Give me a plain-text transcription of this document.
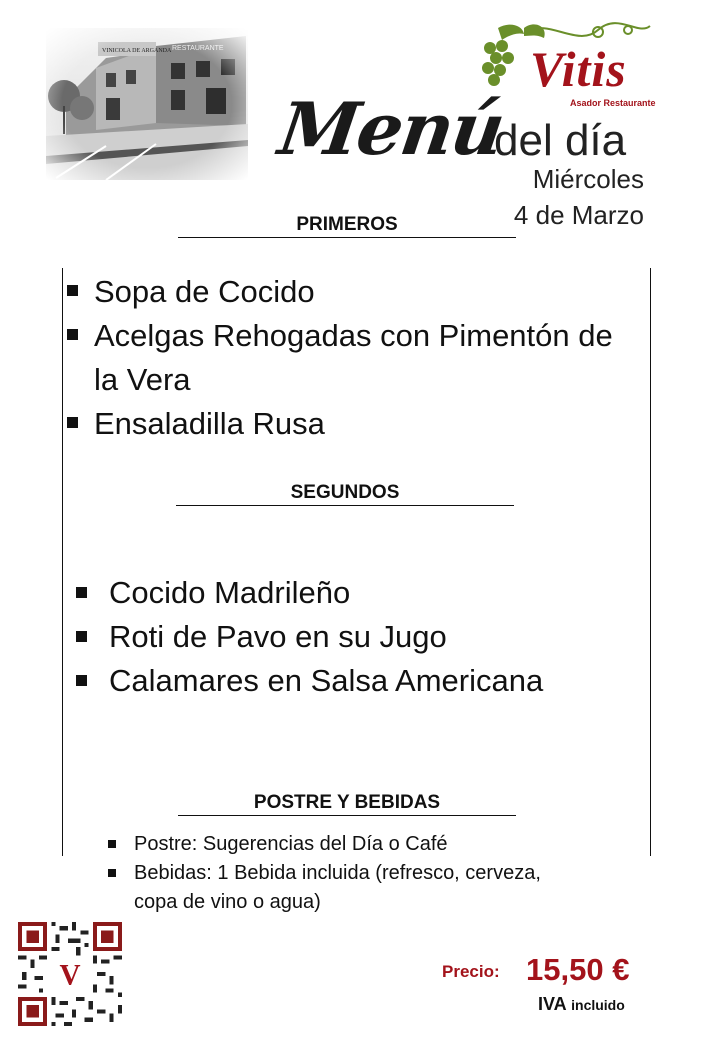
Vitis
Asador Restaurante
Menú
del día
Miércoles
4 de Marzo
PRIMEROS
Sopa de Cocido
Acelgas Rehogadas con Pimentón de la Vera
Ensaladilla Rusa
SEGUNDOS
Cocido Madrileño
Roti de Pavo en su Jugo
Calamares en Salsa Americana
POSTRE Y BEBIDAS
Postre: Sugerencias del Día o Café
Bebidas: 1 Bebida incluida (refresco, cerveza, copa de vino o agua)
V	Precio: 15,50 €
IVA incluido
